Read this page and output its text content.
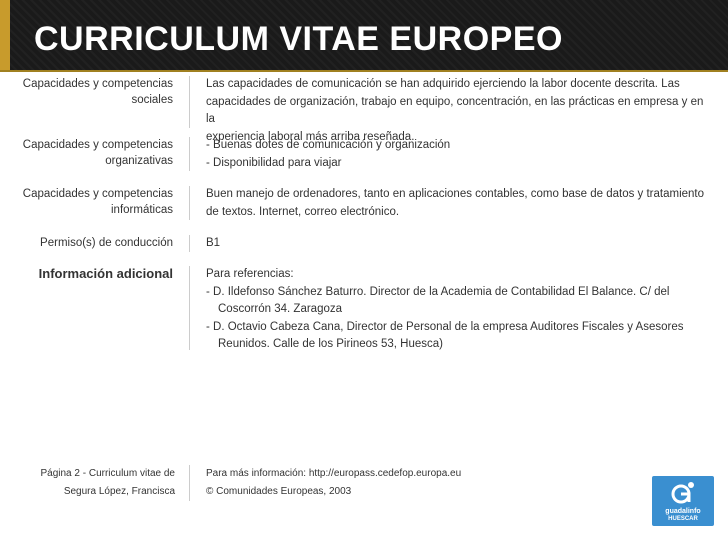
CURRICULUM VITAE EUROPEO
Capacidades y competencias
sociales
Las capacidades de comunicación se han adquirido ejerciendo la labor docente descrita. Las
capacidades de organización, trabajo en equipo, concentración, en las prácticas en empresa y en la
experiencia laboral más arriba reseñada.
Capacidades y competencias
organizativas
- Buenas dotes de comunicación y organización
- Disponibilidad para viajar
Capacidades y competencias
informáticas
Buen manejo de ordenadores, tanto en aplicaciones contables, como base de datos y tratamiento
de textos. Internet, correo electrónico.
Permiso(s) de conducción	B1
Información adicional	Para referencias:
- D. Ildefonso Sánchez Baturro. Director de la Academia de Contabilidad El Balance. C/ del
Coscorrón 34. Zaragoza
- D. Octavio Cabeza Cana, Director de Personal de la empresa Auditores Fiscales y Asesores
Reunidos. Calle de los Pirineos 53, Huesca)
Página 2 - Curriculum vitae de
Segura López, Francisca
Para más información: http://europass.cedefop.europa.eu
© Comunidades Europeas, 2003
guadalinfo
HUESCAR
